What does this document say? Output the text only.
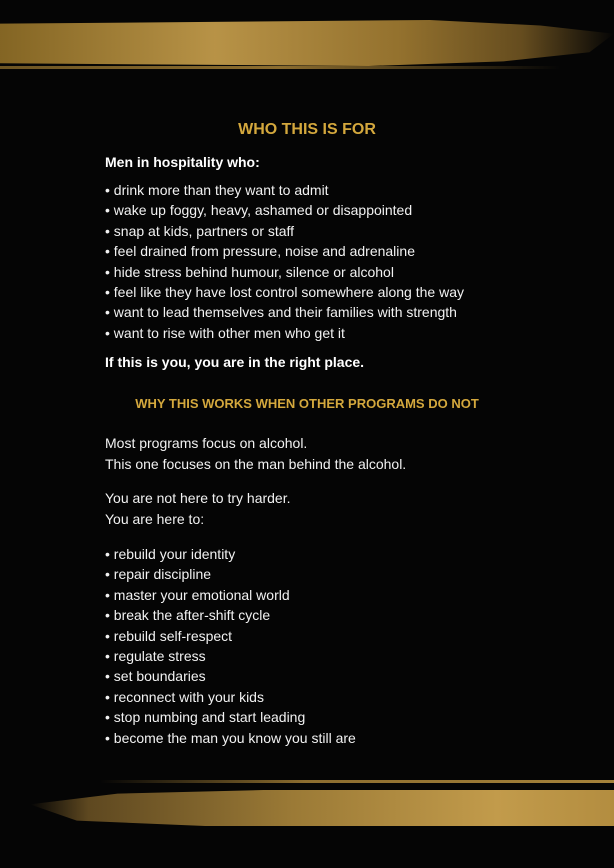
WHO THIS IS FOR
Men in hospitality who:
• drink more than they want to admit
• wake up foggy, heavy, ashamed or disappointed
• snap at kids, partners or staff
• feel drained from pressure, noise and adrenaline
• hide stress behind humour, silence or alcohol
• feel like they have lost control somewhere along the way
• want to lead themselves and their families with strength
• want to rise with other men who get it
If this is you, you are in the right place.
WHY THIS WORKS WHEN OTHER PROGRAMS DO NOT
Most programs focus on alcohol.
This one focuses on the man behind the alcohol.
You are not here to try harder.
You are here to:
• rebuild your identity
• repair discipline
• master your emotional world
• break the after-shift cycle
• rebuild self-respect
• regulate stress
• set boundaries
• reconnect with your kids
• stop numbing and start leading
• become the man you know you still are
